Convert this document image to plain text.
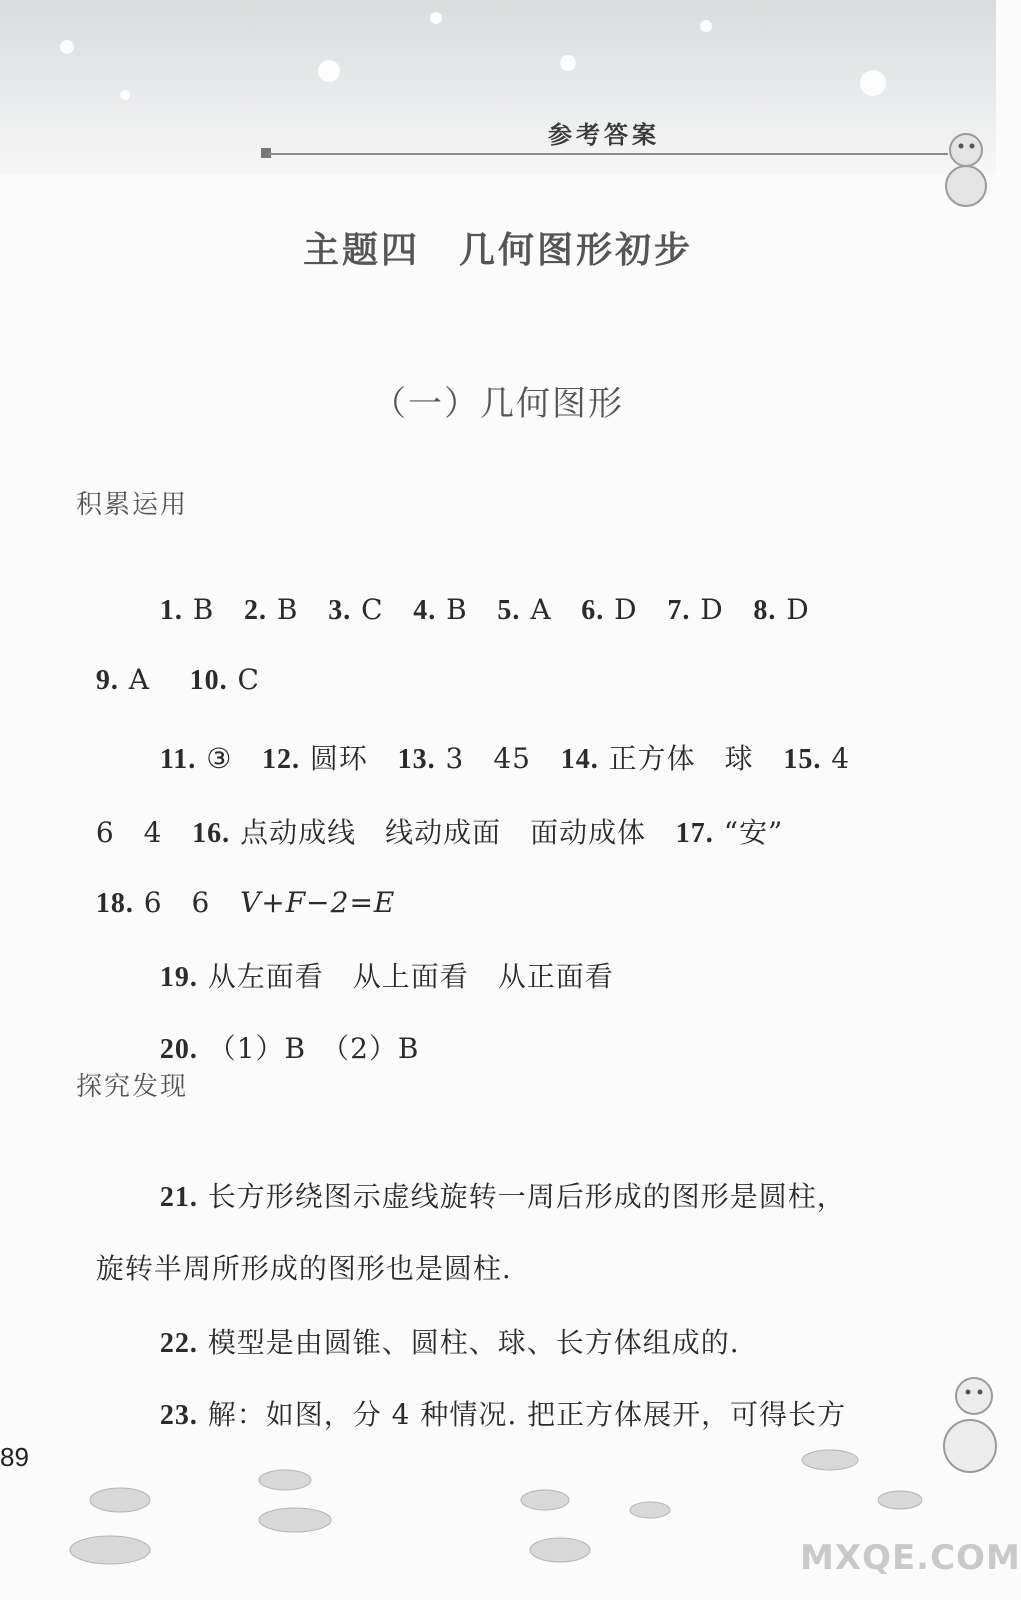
参考答案
主题四　几何图形初步
（一）几何图形
积累运用

1. B 2. B 3. C 4. B 5. A 6. D 7. D 8. D

9. A 10. C

11. ③ 12. 圆环 13. 3　45 14. 正方体　球 15. 4

6　4 16. 点动成线　线动成面　面动成体 17. “安”

18. 6　6 V+F−2=E

19. 从左面看　从上面看　从正面看

20. （1）B　（2）B

探究发现

21. 长方形绕图示虚线旋转一周后形成的图形是圆柱，

旋转半周所形成的图形也是圆柱.

22. 模型是由圆锥、圆柱、球、长方体组成的.

23. 解：如图，分 4 种情况. 把正方体展开，可得长方

89
MXQE.COM
